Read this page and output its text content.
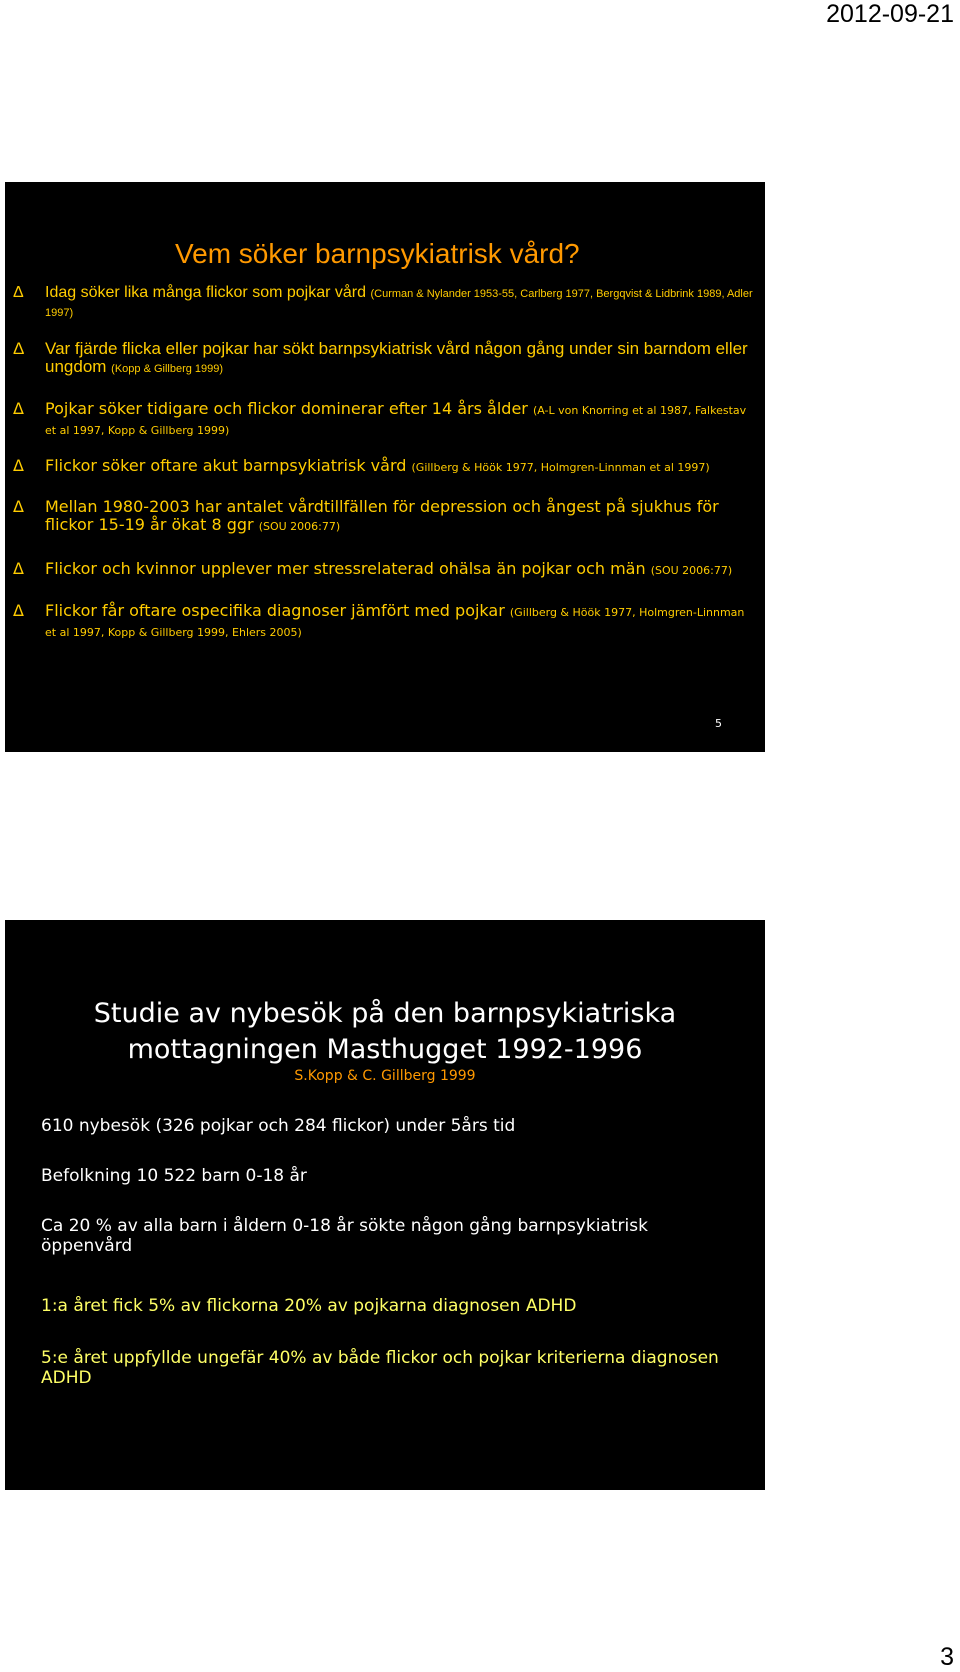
2012-09-21
Vem söker barnpsykiatrisk vård?
Δ	Idag söker lika många flickor som pojkar vård (Curman & Nylander 1953-55, Carlberg 1977, Bergqvist & Lidbrink 1989, Adler 1997)
Δ	Var fjärde flicka eller pojkar har sökt barnpsykiatrisk vård någon gång under sin barndom eller ungdom (Kopp & Gillberg 1999)
Δ	Pojkar söker tidigare och flickor dominerar efter 14 års ålder (A-L von Knorring et al 1987, Falkestav et al 1997, Kopp & Gillberg 1999)
Δ	Flickor söker oftare akut barnpsykiatrisk vård (Gillberg & Höök 1977, Holmgren-Linnman et al 1997)
Δ	Mellan 1980-2003 har antalet vårdtillfällen för depression och ångest på sjukhus för flickor 15-19 år ökat 8 ggr (SOU 2006:77)
Δ	Flickor och kvinnor upplever mer stressrelaterad ohälsa än pojkar och män (SOU 2006:77)
Δ	Flickor får oftare ospecifika diagnoser jämfört med pojkar (Gillberg & Höök 1977, Holmgren-Linnman et al 1997, Kopp & Gillberg 1999, Ehlers 2005)
5
Studie av nybesök på den barnpsykiatriska
mottagningen Masthugget 1992-1996
S.Kopp & C. Gillberg 1999
610 nybesök (326 pojkar och 284 flickor) under 5års tid
Befolkning 10 522 barn 0-18 år
Ca 20 % av alla barn i åldern 0-18 år sökte någon gång barnpsykiatrisk öppenvård
1:a året fick 5% av flickorna 20% av pojkarna diagnosen ADHD
5:e året uppfyllde ungefär 40% av både flickor och pojkar kriterierna diagnosen ADHD
3
